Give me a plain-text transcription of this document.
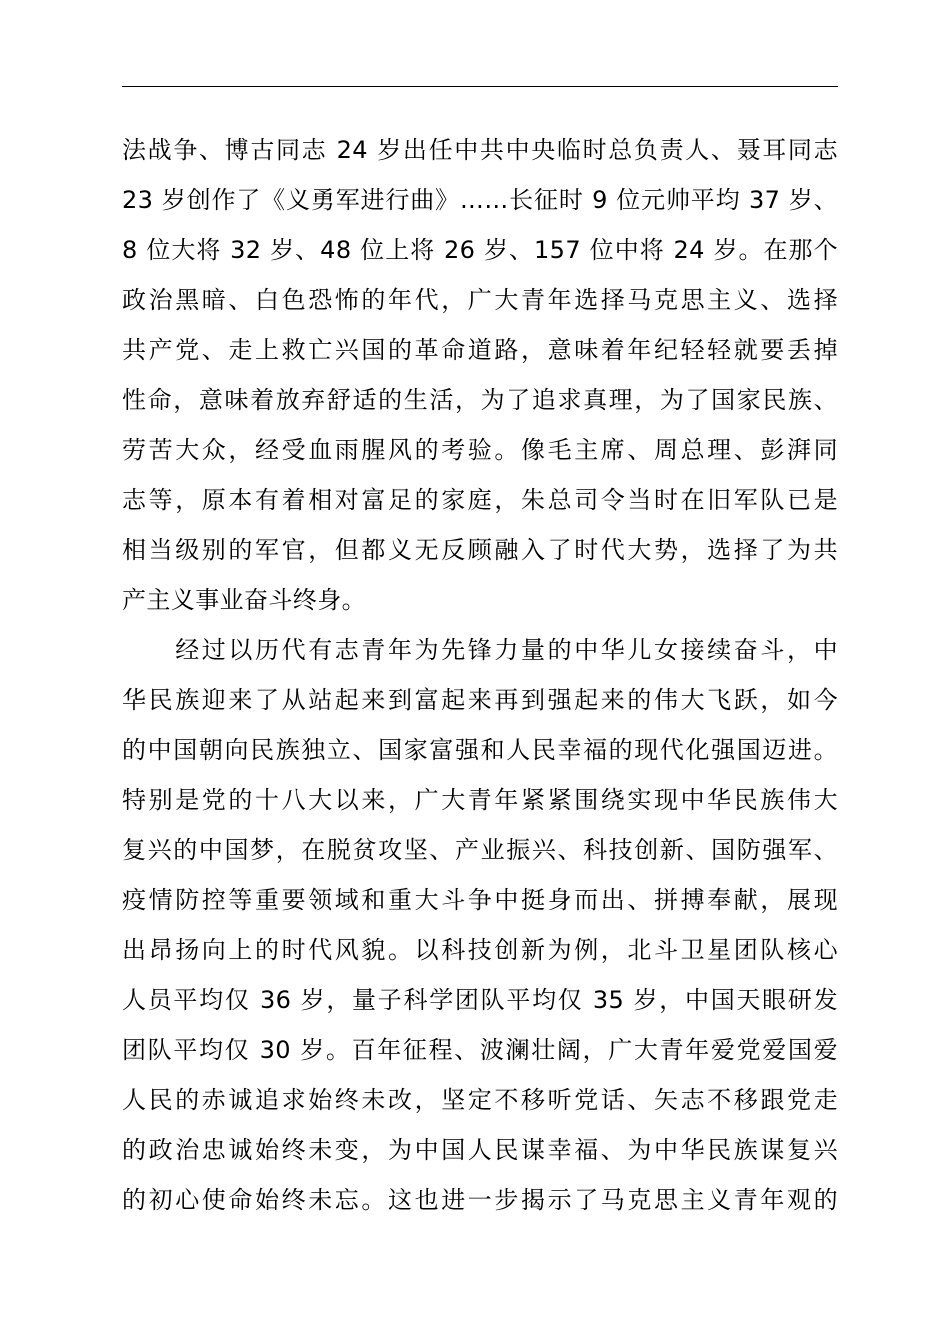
法战争、博古同志 24 岁出任中共中央临时总负责人、聂耳同志
23 岁创作了《义勇军进行曲》……长征时 9 位元帅平均 37 岁、
8 位大将 32 岁、48 位上将 26 岁、157 位中将 24 岁。在那个
政治黑暗、白色恐怖的年代，广大青年选择马克思主义、选择
共产党、走上救亡兴国的革命道路，意味着年纪轻轻就要丢掉
性命，意味着放弃舒适的生活，为了追求真理，为了国家民族、
劳苦大众，经受血雨腥风的考验。像毛主席、周总理、彭湃同
志等，原本有着相对富足的家庭，朱总司令当时在旧军队已是
相当级别的军官，但都义无反顾融入了时代大势，选择了为共
产主义事业奋斗终身。
　　经过以历代有志青年为先锋力量的中华儿女接续奋斗，中
华民族迎来了从站起来到富起来再到强起来的伟大飞跃，如今
的中国朝向民族独立、国家富强和人民幸福的现代化强国迈进。
特别是党的十八大以来，广大青年紧紧围绕实现中华民族伟大
复兴的中国梦，在脱贫攻坚、产业振兴、科技创新、国防强军、
疫情防控等重要领域和重大斗争中挺身而出、拼搏奉献，展现
出昂扬向上的时代风貌。以科技创新为例，北斗卫星团队核心
人员平均仅 36 岁，量子科学团队平均仅 35 岁，中国天眼研发
团队平均仅 30 岁。百年征程、波澜壮阔，广大青年爱党爱国爱
人民的赤诚追求始终未改，坚定不移听党话、矢志不移跟党走
的政治忠诚始终未变，为中国人民谋幸福、为中华民族谋复兴
的初心使命始终未忘。这也进一步揭示了马克思主义青年观的
